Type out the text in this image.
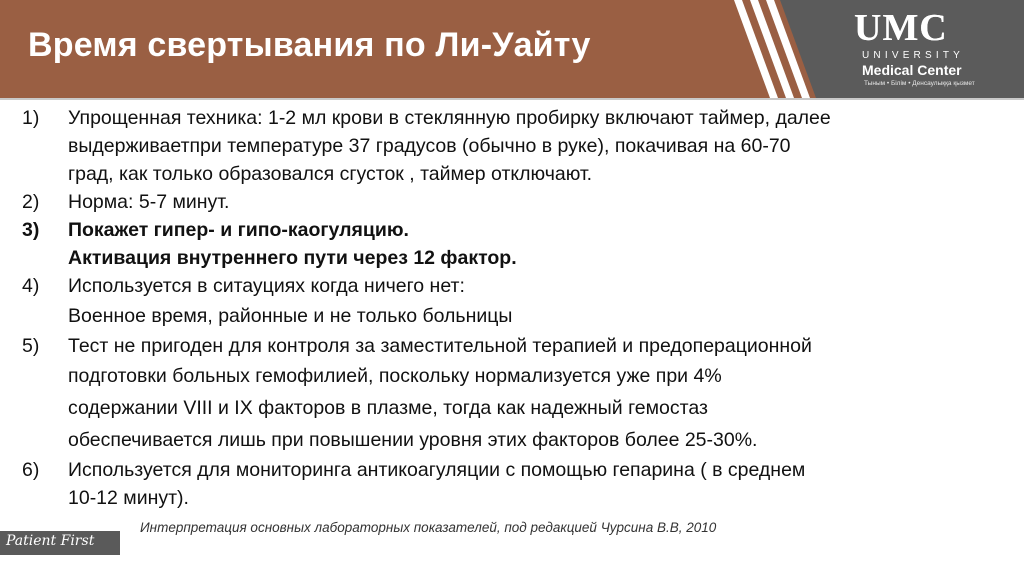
Время свертывания по Ли-Уайту	UMC
UNIVERSITY
Medical Center
Тыным • Білім • Денсаулыққа қызмет
1)	Упрощенная техника: 1-2 мл крови в стеклянную пробирку включают таймер, далее
выдерживаетпри температуре 37 градусов (обычно в руке), покачивая на 60-70
град, как только образовался сгусток , таймер отключают.
2)	Норма: 5-7 минут.
3)	Покажет гипер- и гипо-каогуляцию.
Активация внутреннего пути через 12 фактор.
4)	Используется в ситауциях когда ничего нет:
Военное время, районные и не только больницы
5)	Тест не пригоден для контроля за заместительной терапией и предоперационной
подготовки больных гемофилией, поскольку нормализуется уже при 4%
содержании VIII и IX факторов в плазме, тогда как надежный гемостаз
обеспечивается лишь при повышении уровня этих факторов более 25-30%.
6)	Используется для мониторинга антикоагуляции с помощью гепарина ( в среднем
10-12 минут).
Интерпретация основных лабораторных показателей, под редакцией Чурсина В.В, 2010
Patient First
